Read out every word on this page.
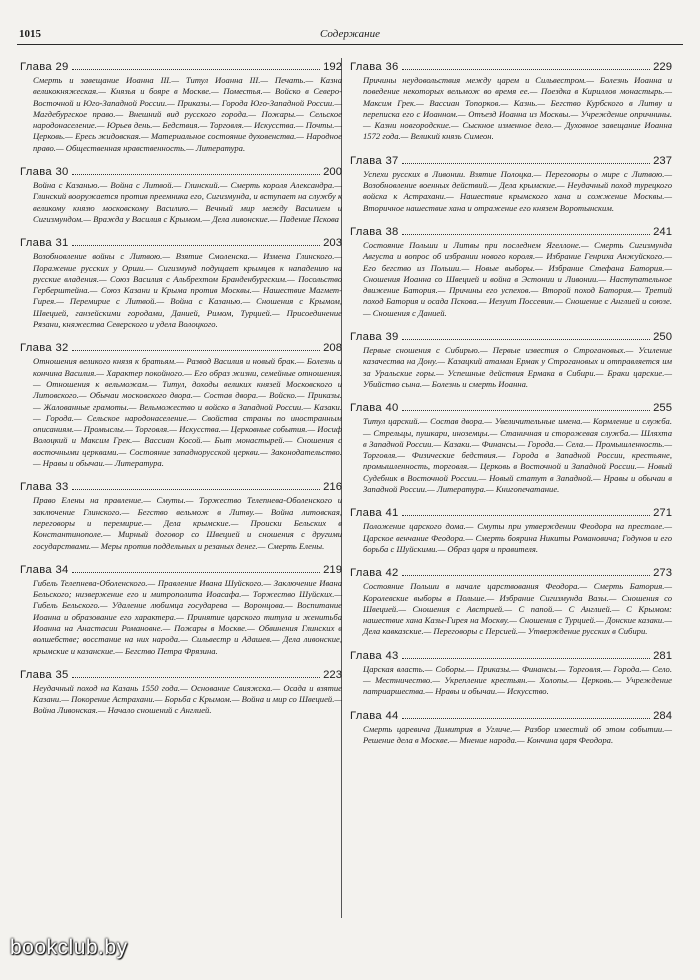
1015	Содержание
Глава 29	192
Смерть и завещание Иоанна III.— Титул Иоанна III.— Печать.— Казна великокняжеская.— Князья и бояре в Москве.— Поместья.— Войско в Северо-Восточной и Юго-Западной России.— Приказы.— Города Юго-Западной России.— Магдебургское право.— Внешний вид русского города.— Пожары.— Сельское народонаселение.— Юрьев день.— Бедствия.— Торговля.— Искусства.— Почты.— Церковь.— Ересь жидовская.— Материальное состояние духовенства.— Народное право.— Общественная нравственность.— Литература.
Глава 30	200
Война с Казанью.— Война с Литвой.— Глинский.— Смерть короля Александра.— Глинский вооружается против преемника его, Сигизмунда, и вступает на службу к великому князю московскому Василию.— Вечный мир между Василием и Сигизмундом.— Вражда у Василия с Крымом.— Дела ливонские.— Падение Пскова
Глава 31	203
Возобновление войны с Литвою.— Взятие Смоленска.— Измена Глинского.— Поражение русских у Орши.— Сигизмунд подущает крымцев к нападению на русские владения.— Союз Василия с Альбрехтом Бранденбургским.— Посольство Герберштейна.— Союз Казани и Крыма против Москвы.— Нашествие Магмет-Гирея.— Перемирие с Литвой.— Война с Казанью.— Сношения с Крымом, Швецией, ганзейскими городами, Данией, Римом, Турцией.— Присоединение Рязани, княжества Северского и удела Волоцкого.
Глава 32	208
Отношения великого князя к братьям.— Развод Василия и новый брак.— Болезнь и кончина Василия.— Характер покойного.— Его образ жизни, семейные отношения.— Отношения к вельможам.— Титул, доходы великих князей Московского и Литовского.— Обычаи московского двора.— Состав двора.— Войско.— Приказы.— Жалованные грамоты.— Вельможество и войско в Западной России.— Казаки.— Города.— Сельское народонаселение.— Свойства страны по иностранным описаниям.— Промыслы.— Торговля.— Искусства.— Церковные события.— Иосиф Волоцкий и Максим Грек.— Вассиан Косой.— Быт монастырей.— Сношения с восточными церквами.— Состояние западнорусской церкви.— Законодательство.— Нравы и обычаи.— Литература.
Глава 33	216
Право Елены на правление.— Смуты.— Торжество Телепнева-Оболенского и заключение Глинского.— Бегство вельмож в Литву.— Война литовская, переговоры и перемирие.— Дела крымские.— Происки Бельских в Константинополе.— Мирный договор со Швецией и сношения с другими государствами.— Меры против поддельных и резаных денег.— Смерть Елены.
Глава 34	219
Гибель Телепнева-Оболенского.— Правление Ивана Шуйского.— Заключение Ивана Бельского; низвержение его и митрополита Иоасафа.— Торжество Шуйских.— Гибель Бельского.— Удаление любимца государева — Воронцова.— Воспитание Иоанна и образование его характера.— Принятие царского титула и женитьба Иоанна на Анастасии Романовне.— Пожары в Москве.— Обвинения Глинских в волшебстве; восстание на них народа.— Сильвестр и Адашев.— Дела ливонские, крымские и казанские.— Бегство Петра Фрязина.
Глава 35	223
Неудачный поход на Казань 1550 года.— Основание Свияжска.— Осада и взятие Казани.— Покорение Астрахани.— Борьба с Крымом.— Война и мир со Швецией.— Война Ливонская.— Начало сношений с Англией.
Глава 36	229
Причины неудовольствия между царем и Сильвестром.— Болезнь Иоанна и поведение некоторых вельмож во время ее.— Поездка в Кириллов монастырь.— Максим Грек.— Вассиан Топорков.— Казнь.— Бегство Курбского в Литву и переписка его с Иоанном.— Отъезд Иоанна из Москвы.— Учреждение опричнины.— Казни новгородские.— Сыскное изменное дело.— Духовное завещание Иоанна 1572 года.— Великий князь Симеон.
Глава 37	237
Успехи русских в Ливонии. Взятие Полоцка.— Переговоры о мире с Литвою.— Возобновление военных действий.— Дела крымские.— Неудачный поход турецкого войска к Астрахани.— Нашествие крымского хана и сожжение Москвы.— Вторичное нашествие хана и отражение его князем Воротынским.
Глава 38	241
Состояние Польши и Литвы при последнем Ягеллоне.— Смерть Сигизмунда Августа и вопрос об избрании нового короля.— Избрание Генриха Анжуйского.— Его бегство из Польши.— Новые выборы.— Избрание Стефана Батория.— Сношения Иоанна со Швецией и война в Эстонии и Ливонии.— Наступательное движение Батория.— Причины его успехов.— Второй поход Батория.— Третий поход Батория и осада Пскова.— Иезуит Поссевин.— Сношение с Англией и союзе.— Сношения с Данией.
Глава 39	250
Первые сношения с Сибирью.— Первые известия о Строгановых.— Усиление казачества на Дону.— Казацкий атаман Ермак у Строгановых и отправляется им за Уральские горы.— Успешные действия Ермака в Сибири.— Браки царские.— Убийство сына.— Болезнь и смерть Иоанна.
Глава 40	255
Титул царский.— Состав двора.— Увеличительные имена.— Кормление и служба.— Стрельцы, пушкари, иноземцы.— Станичная и сторожевая служба.— Шляхта в Западной России.— Казаки.— Финансы.— Города.— Села.— Промышленность.— Торговля.— Физические бедствия.— Города в Западной России, крестьяне, промышленность, торговля.— Церковь в Восточной и Западной России.— Новый Судебник в Восточной России.— Новый статут в Западной.— Нравы и обычаи в Западной России.— Литература.— Книгопечатание.
Глава 41	271
Положение царского дома.— Смуты при утверждении Феодора на престоле.— Царское венчание Феодора.— Смерть боярина Никиты Романовича; Годунов и его борьба с Шуйскими.— Образ царя и правителя.
Глава 42	273
Состояние Польши в начале царствования Феодора.— Смерть Батория.— Королевские выборы в Польше.— Избрание Сигизмунда Вазы.— Сношения со Швецией.— Сношения с Австрией.— С папой.— С Англией.— С Крымом: нашествие хана Казы-Гирея на Москву.— Сношения с Турцией.— Донские казаки.— Дела кавказские.— Переговоры с Персией.— Утверждение русских в Сибири.
Глава 43	281
Царская власть.— Соборы.— Приказы.— Финансы.— Торговля.— Города.— Село.— Местничество.— Укрепление крестьян.— Холопы.— Церковь.— Учреждение патриаршества.— Нравы и обычаи.— Искусство.
Глава 44	284
Смерть царевича Димитрия в Угличе.— Разбор известий об этом событии.— Решение дела в Москве.— Мнение народа.— Кончина царя Феодора.
bookclub.by
